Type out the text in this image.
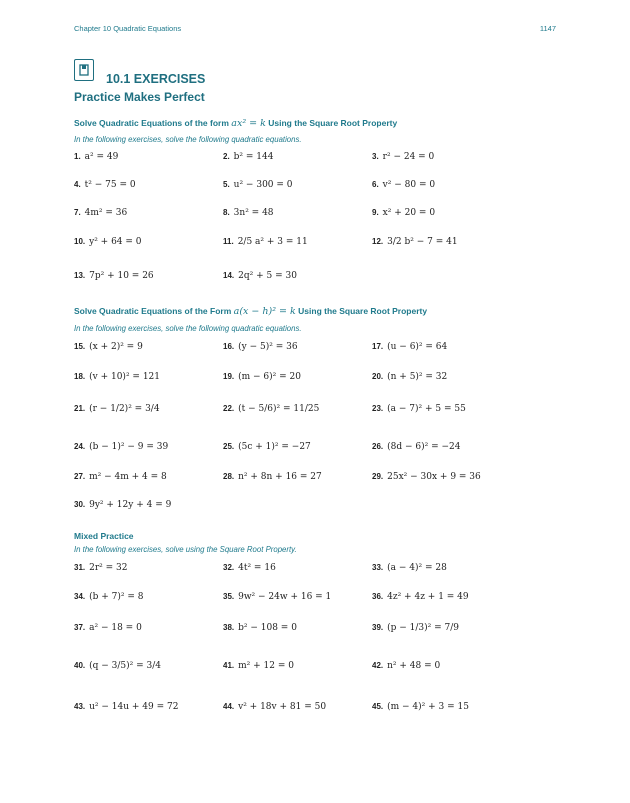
Chapter 10 Quadratic Equations	1147
10.1 EXERCISES
Practice Makes Perfect
Solve Quadratic Equations of the form ax² = k Using the Square Root Property
In the following exercises, solve the following quadratic equations.
Solve Quadratic Equations of the Form a(x − h)² = k Using the Square Root Property
In the following exercises, solve the following quadratic equations.
Mixed Practice
In the following exercises, solve using the Square Root Property.
1. a² = 49	2. b² = 144	3. r² − 24 = 0
4. t² − 75 = 0	5. u² − 300 = 0	6. v² − 80 = 0
7. 4m² = 36	8. 3n² = 48	9. x² + 20 = 0
10. y² + 64 = 0	11. 2/5 a² + 3 = 11	12. 3/2 b² − 7 = 41
13. 7p² + 10 = 26	14. 2q² + 5 = 30
15. (x + 2)² = 9	16. (y − 5)² = 36	17. (u − 6)² = 64
18. (v + 10)² = 121	19. (m − 6)² = 20	20. (n + 5)² = 32
21. (r − 1/2)² = 3/4	22. (t − 5/6)² = 11/25	23. (a − 7)² + 5 = 55
24. (b − 1)² − 9 = 39	25. (5c + 1)² = −27	26. (8d − 6)² = −24
27. m² − 4m + 4 = 8	28. n² + 8n + 16 = 27	29. 25x² − 30x + 9 = 36
30. 9y² + 12y + 4 = 9
31. 2r² = 32	32. 4t² = 16	33. (a − 4)² = 28
34. (b + 7)² = 8	35. 9w² − 24w + 16 = 1	36. 4z² + 4z + 1 = 49
37. a² − 18 = 0	38. b² − 108 = 0	39. (p − 1/3)² = 7/9
40. (q − 3/5)² = 3/4	41. m² + 12 = 0	42. n² + 48 = 0
43. u² − 14u + 49 = 72	44. v² + 18v + 81 = 50	45. (m − 4)² + 3 = 15
